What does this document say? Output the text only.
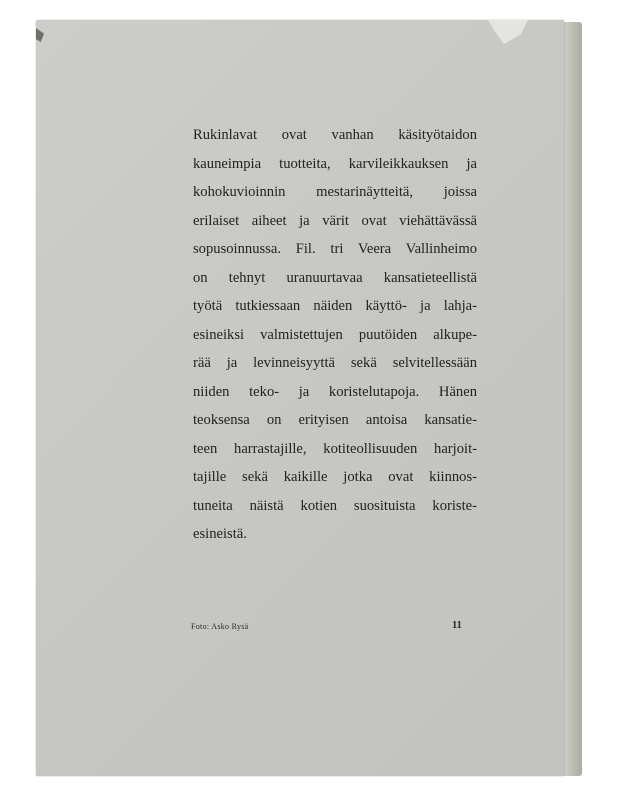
Rukinlavat ovat vanhan käsityötaidon
kauneimpia tuotteita, karvileikkauksen ja
kohokuvioinnin mestarinäytteitä, joissa
erilaiset aiheet ja värit ovat viehättävässä
sopusoinnussa. Fil. tri Veera Vallinheimo
on tehnyt uranuurtavaa kansatieteellistä
työtä tutkiessaan näiden käyttö- ja lahja-
esineiksi valmistettujen puutöiden alkupe-
rää ja levinneisyyttä sekä selvitellessään
niiden teko- ja koristelutapoja. Hänen
teoksensa on erityisen antoisa kansatie-
teen harrastajille, kotiteollisuuden harjoit-
tajille sekä kaikille jotka ovat kiinnos-
tuneita näistä kotien suosituista koriste-
esineistä.
Foto: Asko Rysä	11
